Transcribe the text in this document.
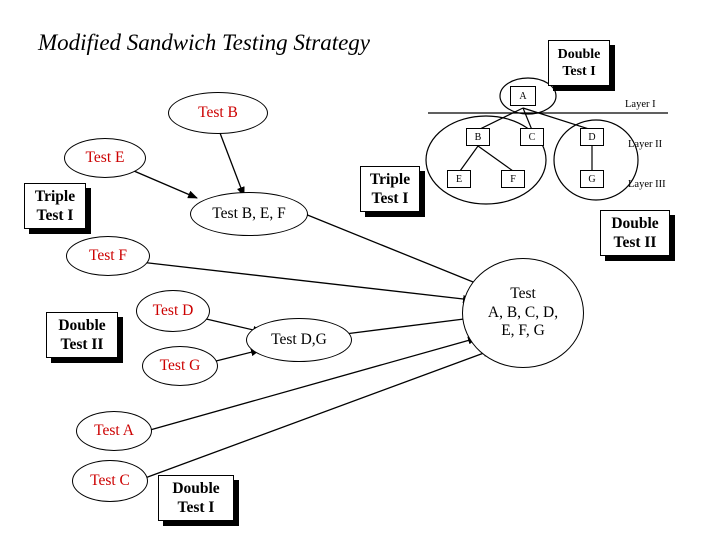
Modified Sandwich Testing Strategy
A
B	C	D
E	F	G
Layer I
Layer II
Layer III
Test B
Test E
Test B, E, F
Test F
Test D
Test G
Test D,G
Test
A, B, C, D,
E, F, G
Test A
Test C
Triple
Test I
Triple
Test I
Double
Test I
Double
Test II
Double
Test II
Double
Test I
